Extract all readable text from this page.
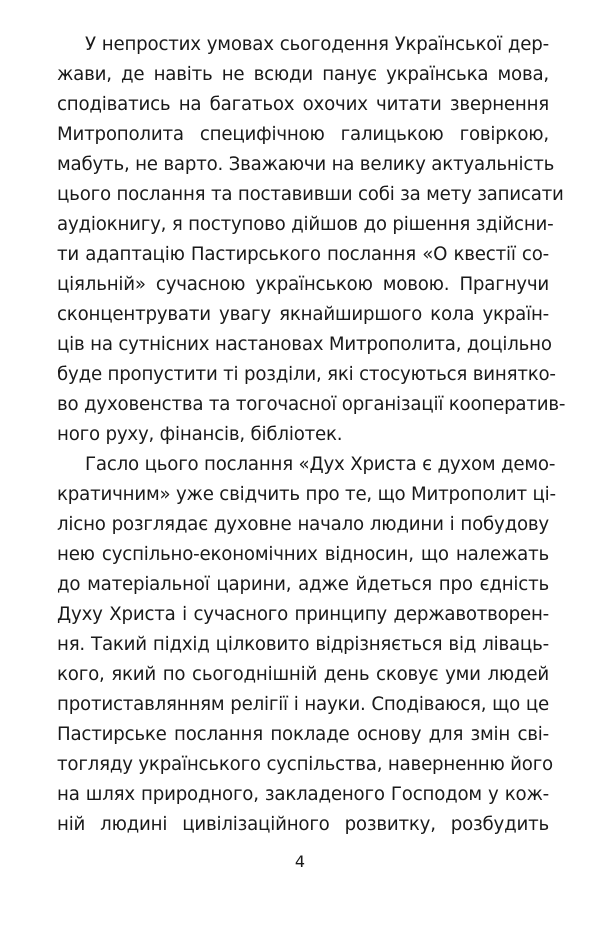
У непростих умовах сьогодення Української дер-
жави, де навіть не всюди панує українська мова,
сподіватись на багатьох охочих читати звернення
Митрополита специфічною галицькою говіркою,
мабуть, не варто. Зважаючи на велику актуальність
цього послання та поставивши собі за мету записати
аудіокнигу, я поступово дійшов до рішення здійсни-
ти адаптацію Пастирського послання «О квестії со-
ціяльній» сучасною українською мовою. Прагнучи
сконцентрувати увагу якнайширшого кола україн-
ців на сутнісних настановах Митрополита, доцільно
буде пропустити ті розділи, які стосуються винятко-
во духовенства та тогочасної організації кооператив-
ного руху, фінансів, бібліотек.
Гасло цього послання «Дух Христа є духом демо-
кратичним» уже свідчить про те, що Митрополит ці-
лісно розглядає духовне начало людини і побудову
нею суспільно-економічних відносин, що належать
до матеріальної царини, адже йдеться про єдність
Духу Христа і сучасного принципу державотворен-
ня. Такий підхід цілковито відрізняється від ліваць-
кого, який по сьогоднішній день сковує уми людей
протиставлянням релігії і науки. Сподіваюся, що це
Пастирське послання покладе основу для змін сві-
тогляду українського суспільства, наверненню його
на шлях природного, закладеного Господом у кож-
ній людині цивілізаційного розвитку, розбудить
4
